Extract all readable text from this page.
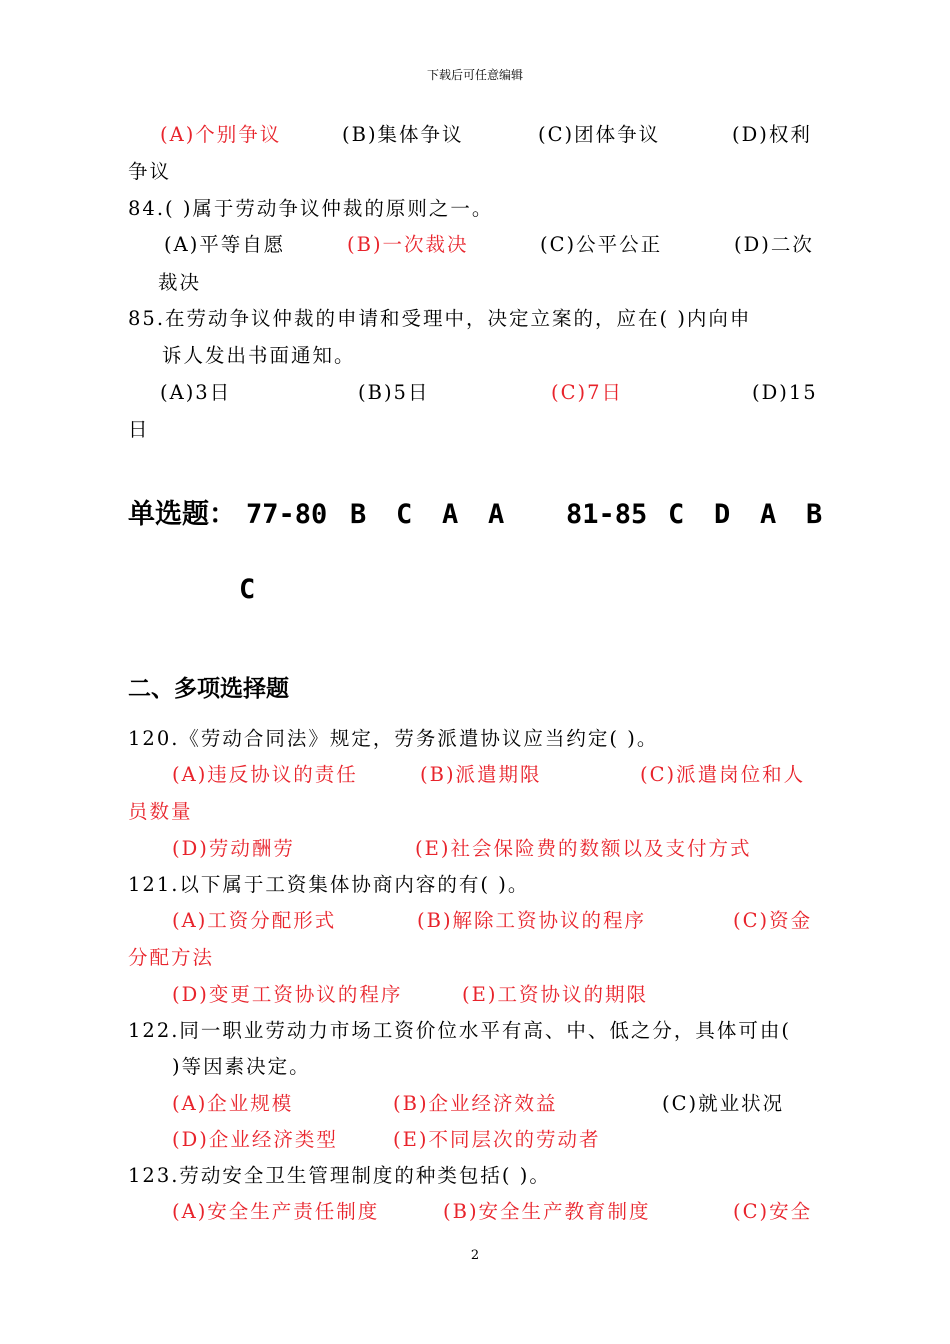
下载后可任意编辑
(A)个别争议	(B)集体争议	(C)团体争议	(D)权利
争议
84.( )属于劳动争议仲裁的原则之一。
(A)平等自愿	(B)一次裁决	(C)公平公正	(D)二次
裁决
85.在劳动争议仲裁的申请和受理中，决定立案的，应在( )内向申
诉人发出书面通知。
(A)3日	(B)5日	(C)7日	(D)15
日
单选题： 77-80 B C A A 81-85 C D A B
C
二、多项选择题
120.《劳动合同法》规定，劳务派遣协议应当约定( )。
(A)违反协议的责任	(B)派遣期限	(C)派遣岗位和人
员数量
(D)劳动酬劳	(E)社会保险费的数额以及支付方式
121.以下属于工资集体协商内容的有( )。
(A)工资分配形式	(B)解除工资协议的程序	(C)资金
分配方法
(D)变更工资协议的程序	(E)工资协议的期限
122.同一职业劳动力市场工资价位水平有高、中、低之分，具体可由(
)等因素决定。
(A)企业规模	(B)企业经济效益	(C)就业状况
(D)企业经济类型	(E)不同层次的劳动者
123.劳动安全卫生管理制度的种类包括( )。
(A)安全生产责任制度	(B)安全生产教育制度	(C)安全
2
